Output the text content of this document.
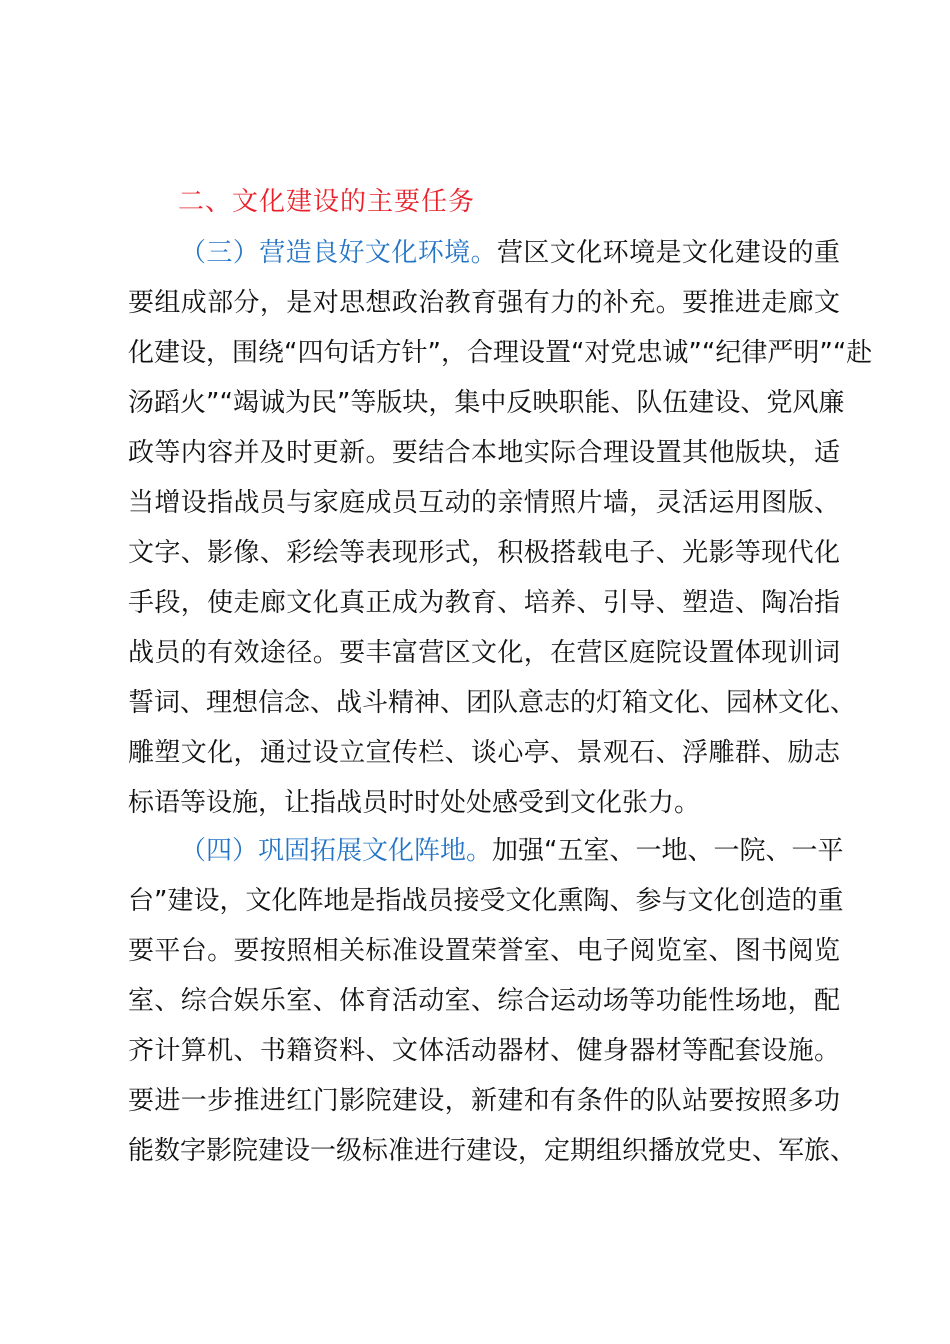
二、文化建设的主要任务
（三）营造良好文化环境。营区文化环境是文化建设的重
要组成部分，是对思想政治教育强有力的补充。要推进走廊文
化建设，围绕“四句话方针”，合理设置“对党忠诚”“纪律严明”“赴
汤蹈火”“竭诚为民”等版块，集中反映职能、队伍建设、党风廉
政等内容并及时更新。要结合本地实际合理设置其他版块，适
当增设指战员与家庭成员互动的亲情照片墙，灵活运用图版、
文字、影像、彩绘等表现形式，积极搭载电子、光影等现代化
手段，使走廊文化真正成为教育、培养、引导、塑造、陶冶指
战员的有效途径。要丰富营区文化，在营区庭院设置体现训词
誓词、理想信念、战斗精神、团队意志的灯箱文化、园林文化、
雕塑文化，通过设立宣传栏、谈心亭、景观石、浮雕群、励志
标语等设施，让指战员时时处处感受到文化张力。
（四）巩固拓展文化阵地。加强“五室、一地、一院、一平
台”建设，文化阵地是指战员接受文化熏陶、参与文化创造的重
要平台。要按照相关标准设置荣誉室、电子阅览室、图书阅览
室、综合娱乐室、体育活动室、综合运动场等功能性场地，配
齐计算机、书籍资料、文体活动器材、健身器材等配套设施。
要进一步推进红门影院建设，新建和有条件的队站要按照多功
能数字影院建设一级标准进行建设，定期组织播放党史、军旅、
